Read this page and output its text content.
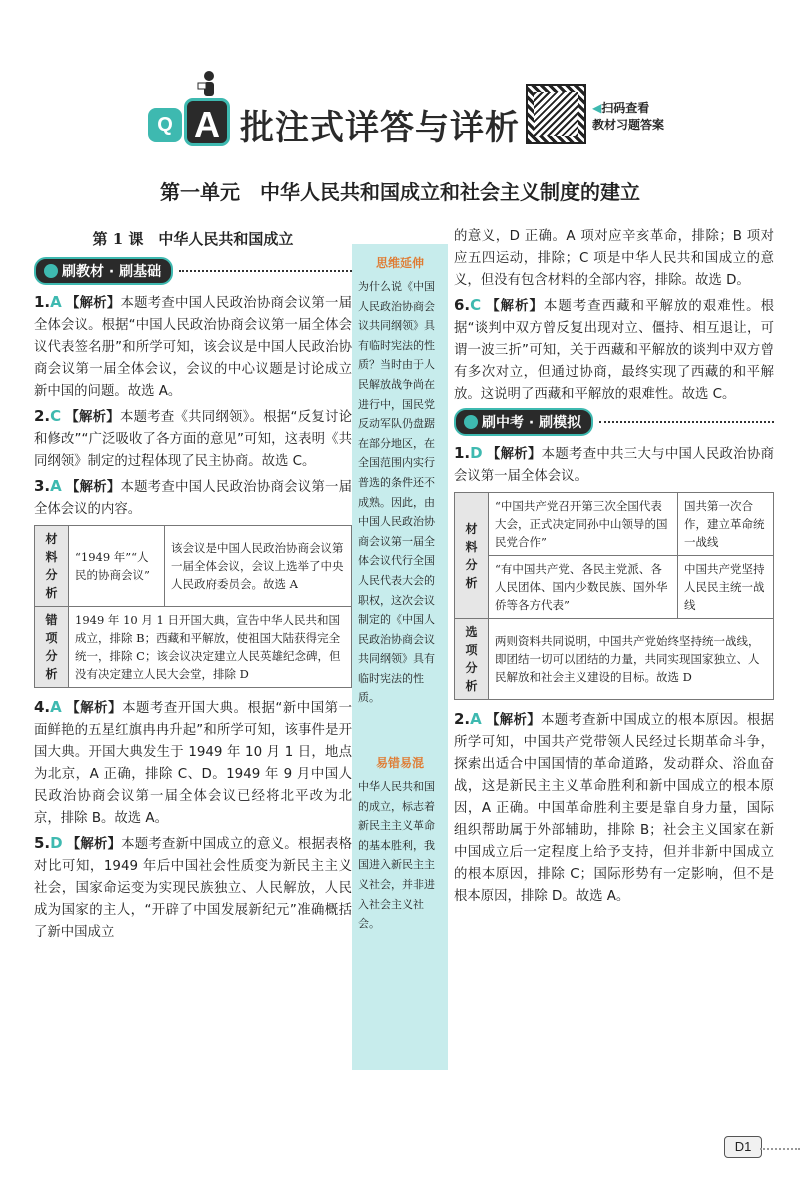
Q A 批注式详答与详析	◀扫码查看
教材习题答案
第一单元　中华人民共和国成立和社会主义制度的建立
第 1 课　中华人民共和国成立
刷教材 · 刷基础

1.A 【解析】本题考查中国人民政治协商会议第一届全体会议。根据“中国人民政治协商会议第一届全体会议代表签名册”和所学可知，该会议是中国人民政治协商会议第一届全体会议，会议的中心议题是讨论成立新中国的问题。故选 A。

2.C 【解析】本题考查《共同纲领》。根据“反复讨论和修改”“广泛吸收了各方面的意见”可知，这表明《共同纲领》制定的过程体现了民主协商。故选 C。

3.A 【解析】本题考查中国人民政治协商会议第一届全体会议的内容。

材料分析	“1949 年”“人民的协商会议”	该会议是中国人民政治协商会议第一届全体会议，会议上选举了中央人民政府委员会。故选 A
错项分析	1949 年 10 月 1 日开国大典，宣告中华人民共和国成立，排除 B；西藏和平解放，使祖国大陆获得完全统一，排除 C；该会议决定建立人民英雄纪念碑，但没有决定建立人民大会堂，排除 D	

4.A 【解析】本题考查开国大典。根据“新中国第一面鲜艳的五星红旗冉冉升起”和所学可知，该事件是开国大典。开国大典发生于 1949 年 10 月 1 日，地点为北京，A 正确，排除 C、D。1949 年 9 月中国人民政治协商会议第一届全体会议已经将北平改为北京，排除 B。故选 A。

5.D 【解析】本题考查新中国成立的意义。根据表格对比可知，1949 年后中国社会性质变为新民主主义社会，国家命运变为实现民族独立、人民解放，人民成为国家的主人，“开辟了中国发展新纪元”准确概括了新中国成立

思维延伸
为什么说《中国人民政治协商会议共同纲领》具有临时宪法的性质？当时由于人民解放战争尚在进行中，国民党反动军队仍盘踞在部分地区，在全国范围内实行普选的条件还不成熟。因此，由中国人民政治协商会议第一届全体会议代行全国人民代表大会的职权，这次会议制定的《中国人民政治协商会议共同纲领》具有临时宪法的性质。
易错易混
中华人民共和国的成立，标志着新民主主义革命的基本胜利，我国进入新民主主义社会，并非进入社会主义社会。

的意义，D 正确。A 项对应辛亥革命，排除；B 项对应五四运动，排除；C 项是中华人民共和国成立的意义，但没有包含材料的全部内容，排除。故选 D。

6.C 【解析】本题考查西藏和平解放的艰难性。根据“谈判中双方曾反复出现对立、僵持、相互退让，可谓一波三折”可知，关于西藏和平解放的谈判中双方曾有多次对立，但通过协商，最终实现了西藏的和平解放。这说明了西藏和平解放的艰难性。故选 C。

刷中考 · 刷模拟

1.D 【解析】本题考查中共三大与中国人民政治协商会议第一届全体会议。

材料分析	“中国共产党召开第三次全国代表大会，正式决定同孙中山领导的国民党合作”	国共第一次合作，建立革命统一战线
	“有中国共产党、各民主党派、各人民团体、国内少数民族、国外华侨等各方代表”	中国共产党坚持人民民主统一战线
选项分析	两则资料共同说明，中国共产党始终坚持统一战线，即团结一切可以团结的力量，共同实现国家独立、人民解放和社会主义建设的目标。故选 D	

2.A 【解析】本题考查新中国成立的根本原因。根据所学可知，中国共产党带领人民经过长期革命斗争，探索出适合中国国情的革命道路，发动群众、浴血奋战，这是新民主主义革命胜利和新中国成立的根本原因，A 正确。中国革命胜利主要是靠自身力量，国际组织帮助属于外部辅助，排除 B；社会主义国家在新中国成立后一定程度上给予支持，但并非新中国成立的根本原因，排除 C；国际形势有一定影响，但不是根本原因，排除 D。故选 A。

D1
